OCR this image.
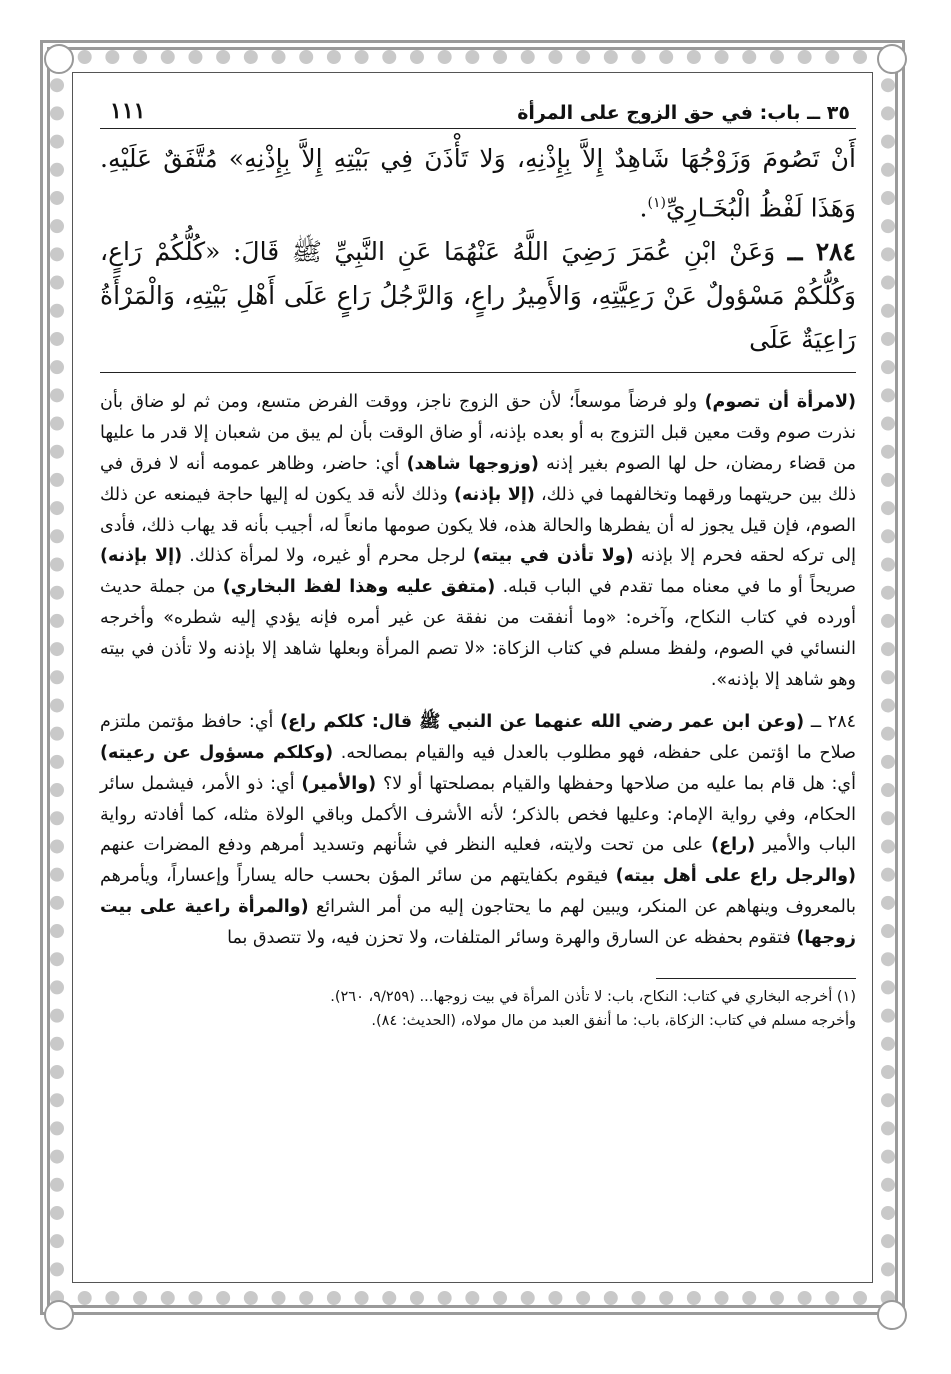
٣٥ ــ باب: في حق الزوج على المرأة
١١١

أَنْ تَصُومَ وَزَوْجُهَا شَاهِدٌ إِلاَّ بِإِذْنِهِ، وَلا تَأْذَنَ فِي بَيْتِهِ إِلاَّ بِإِذْنِهِ» مُتَّفَقٌ عَلَيْهِ. وَهَذَا لَفْظُ الْبُخَـارِيِّ$^{(١)}$.

٢٨٤ ــ وَعَنْ ابْنِ عُمَرَ رَضِيَ اللَّهُ عَنْهُمَا عَنِ النَّبِيِّ ﷺ قَالَ: «كُلُّكُمْ رَاعٍ، وَكُلُّكُمْ مَسْؤولٌ عَنْ رَعِيَّتِهِ، وَالأَمِيرُ راعٍ، وَالرَّجُلُ رَاعٍ عَلَى أَهْلِ بَيْتِهِ، وَالْمَرْأَةُ رَاعِيَةٌ عَلَى

(لامرأة أن تصوم) ولو فرضاً موسعاً؛ لأن حق الزوج ناجز، ووقت الفرض متسع، ومن ثم لو ضاق بأن نذرت صوم وقت معين قبل التزوج به أو بعده بإذنه، أو ضاق الوقت بأن لم يبق من شعبان إلا قدر ما عليها من قضاء رمضان، حل لها الصوم بغير إذنه (وزوجها شاهد) أي: حاضر، وظاهر عمومه أنه لا فرق في ذلك بين حريتهما ورقهما وتخالفهما في ذلك، (إلا بإذنه) وذلك لأنه قد يكون له إليها حاجة فيمنعه عن ذلك الصوم، فإن قيل يجوز له أن يفطرها والحالة هذه، فلا يكون صومها مانعاً له، أجيب بأنه قد يهاب ذلك، فأدى إلى تركه لحقه فحرم إلا بإذنه (ولا تأذن في بيته) لرجل محرم أو غيره، ولا لمرأة كذلك. (إلا بإذنه) صريحاً أو ما في معناه مما تقدم في الباب قبله. (متفق عليه وهذا لفظ البخاري) من جملة حديث أورده في كتاب النكاح، وآخره: «وما أنفقت من نفقة عن غير أمره فإنه يؤدي إليه شطره» وأخرجه النسائي في الصوم، ولفظ مسلم في كتاب الزكاة: «لا تصم المرأة وبعلها شاهد إلا بإذنه ولا تأذن في بيته وهو شاهد إلا بإذنه».

٢٨٤ ــ (وعن ابن عمر رضي الله عنهما عن النبي ﷺ قال: كلكم راع) أي: حافظ مؤتمن ملتزم صلاح ما اؤتمن على حفظه، فهو مطلوب بالعدل فيه والقيام بمصالحه. (وكلكم مسؤول عن رعيته) أي: هل قام بما عليه من صلاحها وحفظها والقيام بمصلحتها أو لا؟ (والأمير) أي: ذو الأمر، فيشمل سائر الحكام، وفي رواية الإمام: وعليها فخص بالذكر؛ لأنه الأشرف الأكمل وباقي الولاة مثله، كما أفادته رواية الباب والأمير (راع) على من تحت ولايته، فعليه النظر في شأنهم وتسديد أمرهم ودفع المضرات عنهم (والرجل راع على أهل بيته) فيقوم بكفايتهم من سائر المؤن بحسب حاله يساراً وإعساراً، ويأمرهم بالمعروف وينهاهم عن المنكر، ويبين لهم ما يحتاجون إليه من أمر الشرائع (والمرأة راعية على بيت زوجها) فتقوم بحفظه عن السارق والهرة وسائر المتلفات، ولا تحزن فيه، ولا تتصدق بما

(١) أخرجه البخاري في كتاب: النكاح، باب: لا تأذن المرأة في بيت زوجها... (٩/٢٥٩، ٢٦٠).
وأخرجه مسلم في كتاب: الزكاة، باب: ما أنفق العبد من مال مولاه، (الحديث: ٨٤).
